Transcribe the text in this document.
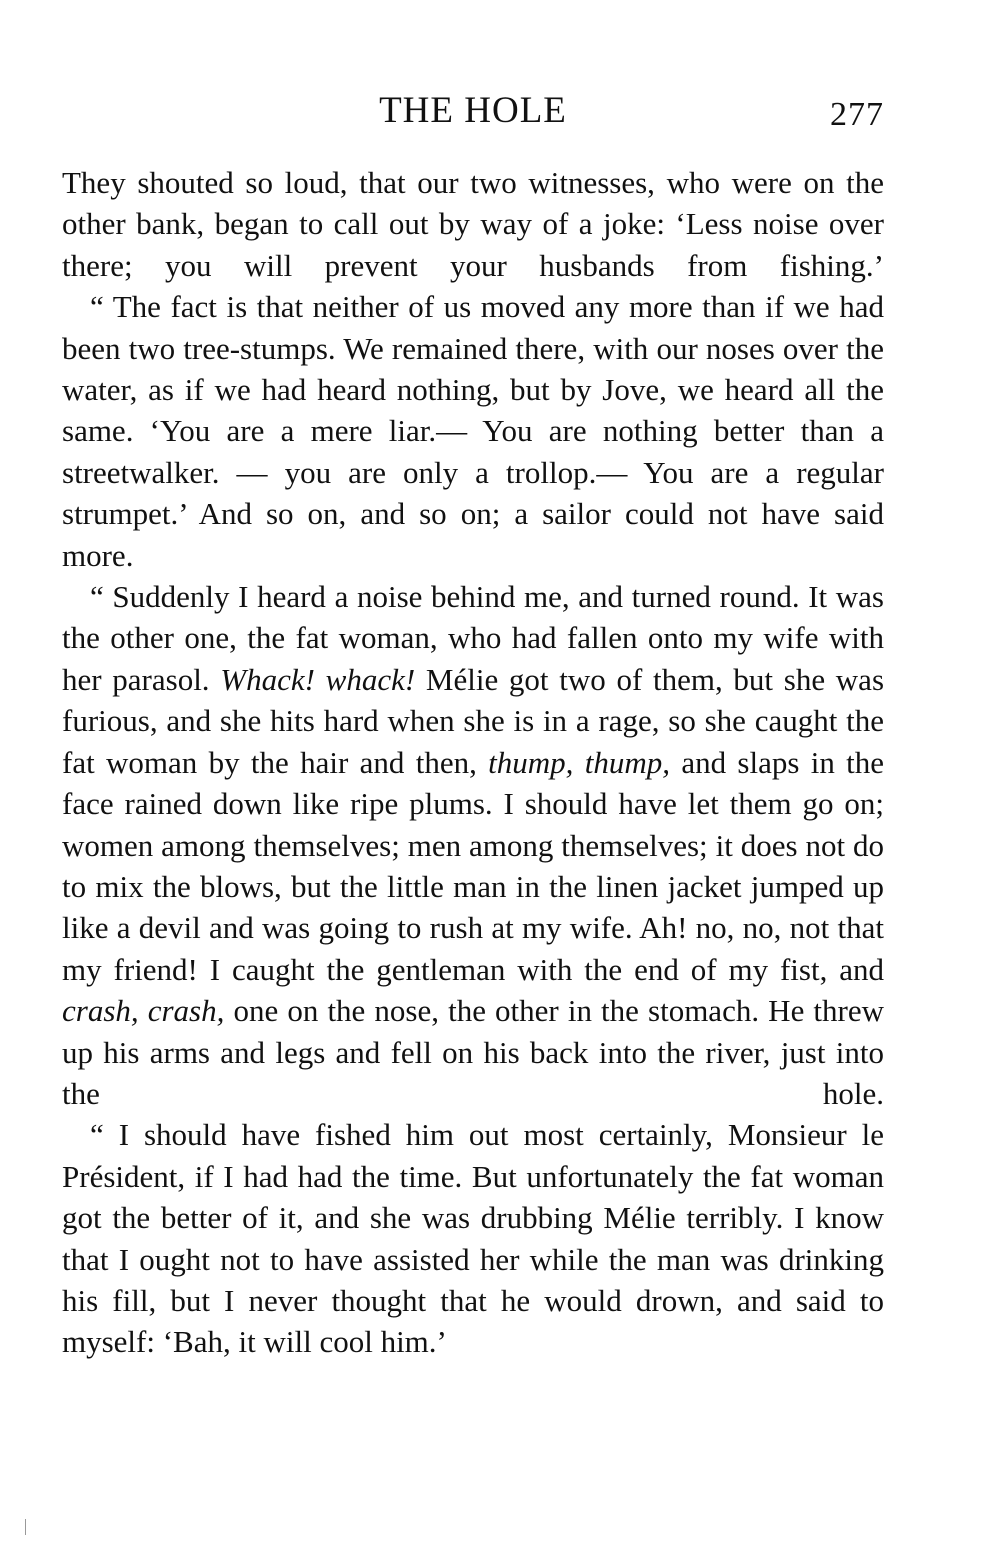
THE HOLE	277

They shouted so loud, that our two witnesses, who were on the other bank, began to call out by way of a joke: ‘Less noise over there; you will prevent your husbands from fishing.’

“ The fact is that neither of us moved any more than if we had been two tree-stumps. We remained there, with our noses over the water, as if we had heard nothing, but by Jove, we heard all the same. ‘You are a mere liar.— You are nothing better than a streetwalker. — you are only a trollop.— You are a regular strumpet.’ And so on, and so on; a sailor could not have said more.

“ Suddenly I heard a noise behind me, and turned round. It was the other one, the fat woman, who had fallen onto my wife with her parasol. Whack! whack! Mélie got two of them, but she was furious, and she hits hard when she is in a rage, so she caught the fat woman by the hair and then, thump, thump, and slaps in the face rained down like ripe plums. I should have let them go on; women among themselves; men among themselves; it does not do to mix the blows, but the little man in the linen jacket jumped up like a devil and was going to rush at my wife. Ah! no, no, not that my friend! I caught the gentleman with the end of my fist, and crash, crash, one on the nose, the other in the stomach. He threw up his arms and legs and fell on his back into the river, just into the hole.

“ I should have fished him out most certainly, Monsieur le Président, if I had had the time. But unfortunately the fat woman got the better of it, and she was drubbing Mélie terribly. I know that I ought not to have assisted her while the man was drinking his fill, but I never thought that he would drown, and said to myself: ‘Bah, it will cool him.’
